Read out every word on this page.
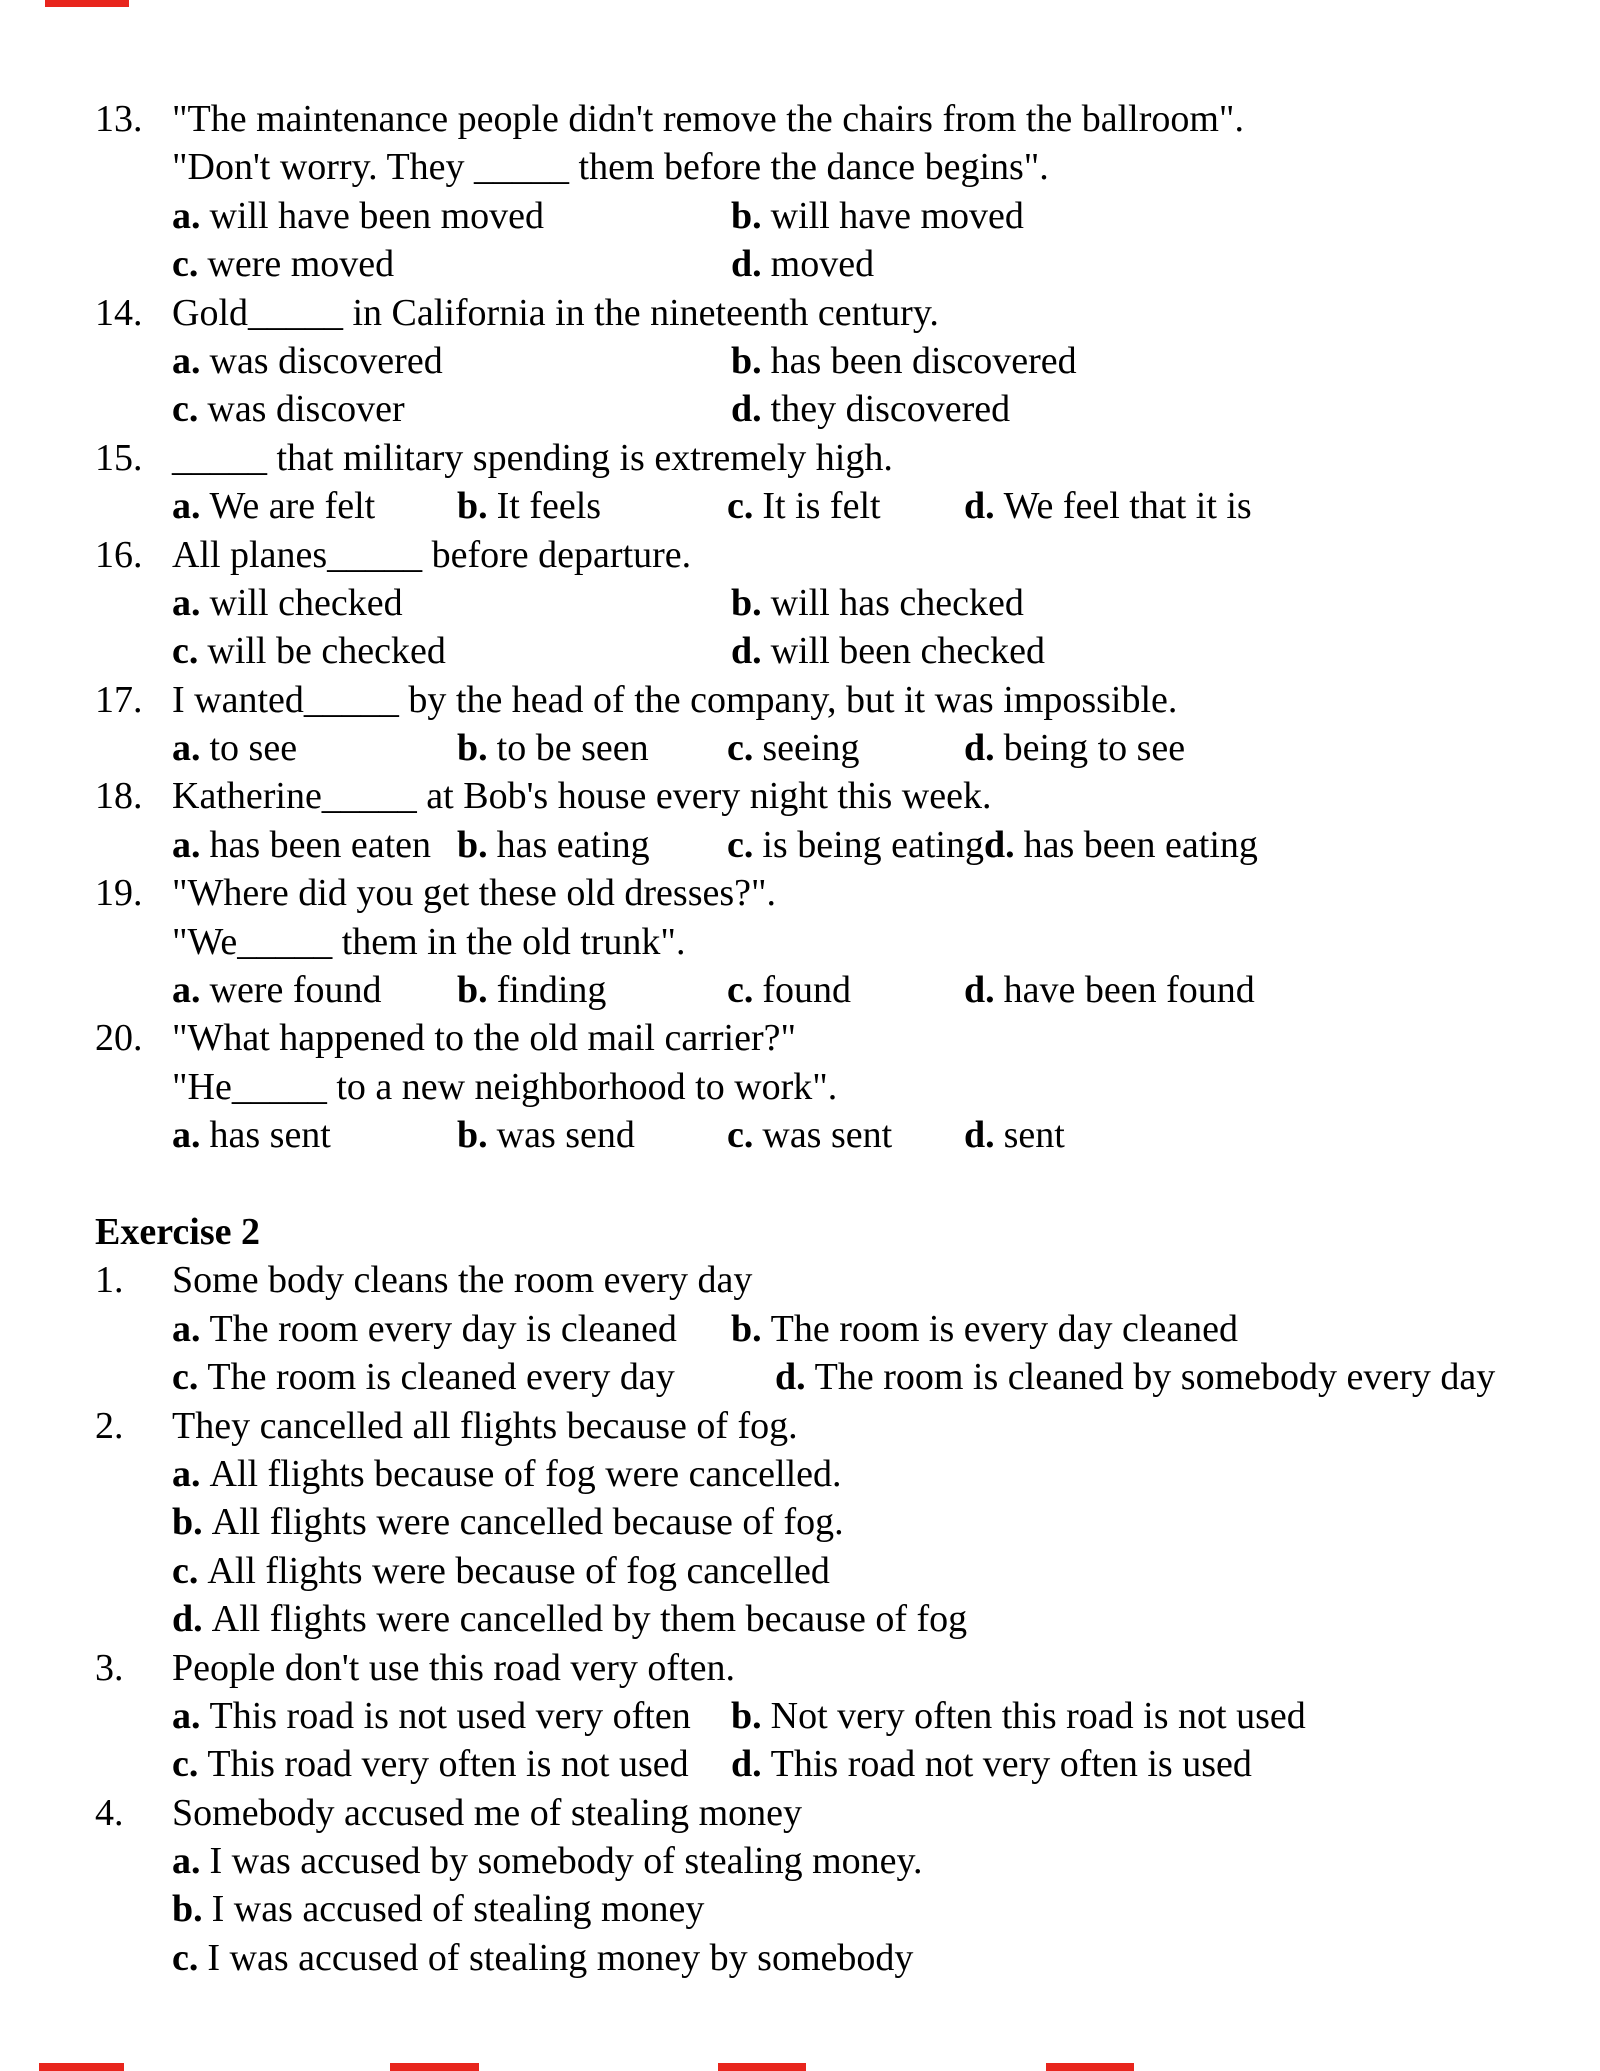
13. "The maintenance people didn't remove the chairs from the ballroom".
"Don't worry. They _____ them before the dance begins".
a. will have been moved	b. will have moved
c. were moved	d. moved
14. Gold_____ in California in the nineteenth century.
a. was discovered	b. has been discovered
c. was discover	d. they discovered
15. _____ that military spending is extremely high.
a. We are felt b. It feels	c. It is felt d. We feel that it is
16. All planes_____ before departure.
a. will checked	b. will has checked
c. will be checked	d. will been checked
17. I wanted_____ by the head of the company, but it was impossible.
a. to see	b. to be seen c. seeing	d. being to see
18. Katherine_____ at Bob's house every night this week.
a. has been eaten b. has eating c. is being eatingd. has been eating
19. "Where did you get these old dresses?".
"We_____ them in the old trunk".
a. were found b. finding	c. found	d. have been found
20. "What happened to the old mail carrier?"
"He_____ to a new neighborhood to work".
a. has sent	b. was send c. was sent d. sent
Exercise 2
1. Some body cleans the room every day
a. The room every day is cleaned b. The room is every day cleaned
c. The room is cleaned every day	d. The room is cleaned by somebody every day
2. They cancelled all flights because of fog.
a. All flights because of fog were cancelled.
b. All flights were cancelled because of fog.
c. All flights were because of fog cancelled
d. All flights were cancelled by them because of fog
3. People don't use this road very often.
a. This road is not used very often b. Not very often this road is not used
c. This road very often is not used d. This road not very often is used
4. Somebody accused me of stealing money
a. I was accused by somebody of stealing money.
b. I was accused of stealing money
c. I was accused of stealing money by somebody
